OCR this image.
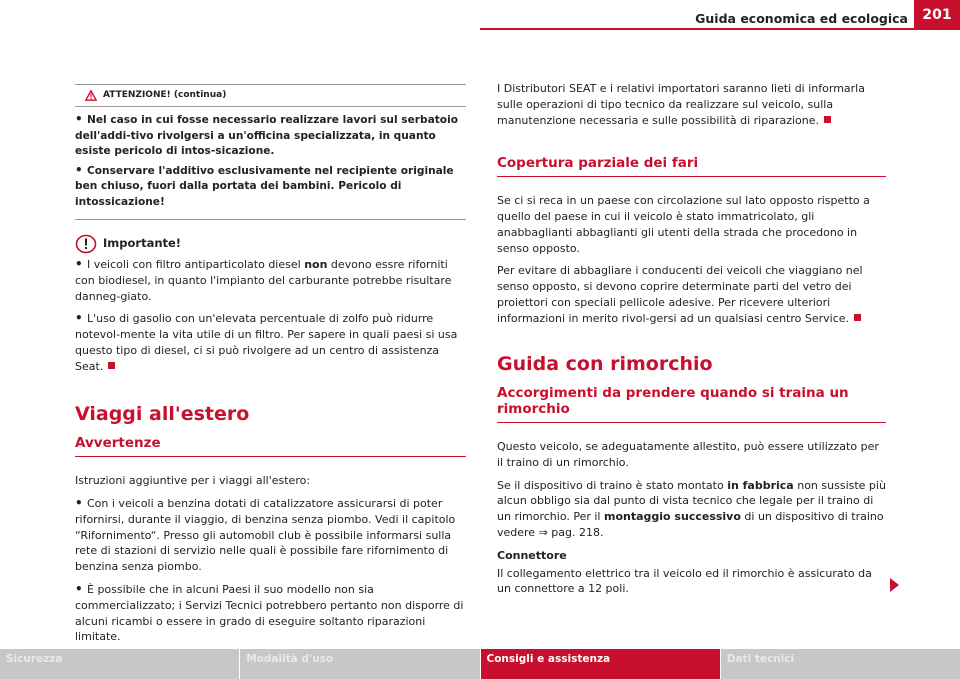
Guida economica ed ecologica	201
ATTENZIONE! (continua)

• Nel caso in cui fosse necessario realizzare lavori sul serbatoio dell'addi-tivo rivolgersi a un'officina specializzata, in quanto esiste pericolo di intos-sicazione.

• Conservare l'additivo esclusivamente nel recipiente originale ben chiuso, fuori dalla portata dei bambini. Pericolo di intossicazione!

Importante!

• I veicoli con filtro antiparticolato diesel non devono essre riforniti con biodiesel, in quanto l'impianto del carburante potrebbe risultare danneg-giato.

• L'uso di gasolio con un'elevata percentuale di zolfo può ridurre notevol-mente la vita utile di un filtro. Per sapere in quali paesi si usa questo tipo di diesel, ci si può rivolgere ad un centro di assistenza Seat.

Viaggi all'estero
Avvertenze

Istruzioni aggiuntive per i viaggi all'estero:

• Con i veicoli a benzina dotati di catalizzatore assicurarsi di poter rifornirsi, durante il viaggio, di benzina senza piombo. Vedi il capitolo “Rifornimento“. Presso gli automobil club è possibile informarsi sulla rete di stazioni di servizio nelle quali è possibile fare rifornimento di benzina senza piombo.

• È possibile che in alcuni Paesi il suo modello non sia commercializzato; i Servizi Tecnici potrebbero pertanto non disporre di alcuni ricambi o essere in grado di eseguire soltanto riparazioni limitate.

I Distributori SEAT e i relativi importatori saranno lieti di informarla sulle operazioni di tipo tecnico da realizzare sul veicolo, sulla manutenzione necessaria e sulle possibilità di riparazione.

Copertura parziale dei fari

Se ci si reca in un paese con circolazione sul lato opposto rispetto a quello del paese in cui il veicolo è stato immatricolato, gli anabbaglianti abbaglianti gli utenti della strada che procedono in senso opposto.

Per evitare di abbagliare i conducenti dei veicoli che viaggiano nel senso opposto, si devono coprire determinate parti del vetro dei proiettori con speciali pellicole adesive. Per ricevere ulteriori informazioni in merito rivol-gersi ad un qualsiasi centro Service.

Guida con rimorchio
Accorgimenti da prendere quando si traina un rimorchio

Questo veicolo, se adeguatamente allestito, può essere utilizzato per il traino di un rimorchio.

Se il dispositivo di traino è stato montato in fabbrica non sussiste più alcun obbligo sia dal punto di vista tecnico che legale per il traino di un rimorchio. Per il montaggio successivo di un dispositivo di traino vedere ⇒ pag. 218.

Connettore

Il collegamento elettrico tra il veicolo ed il rimorchio è assicurato da un connettore a 12 poli.

Sicurezza	Modalità d'uso	Consigli e assistenza	Dati tecnici
